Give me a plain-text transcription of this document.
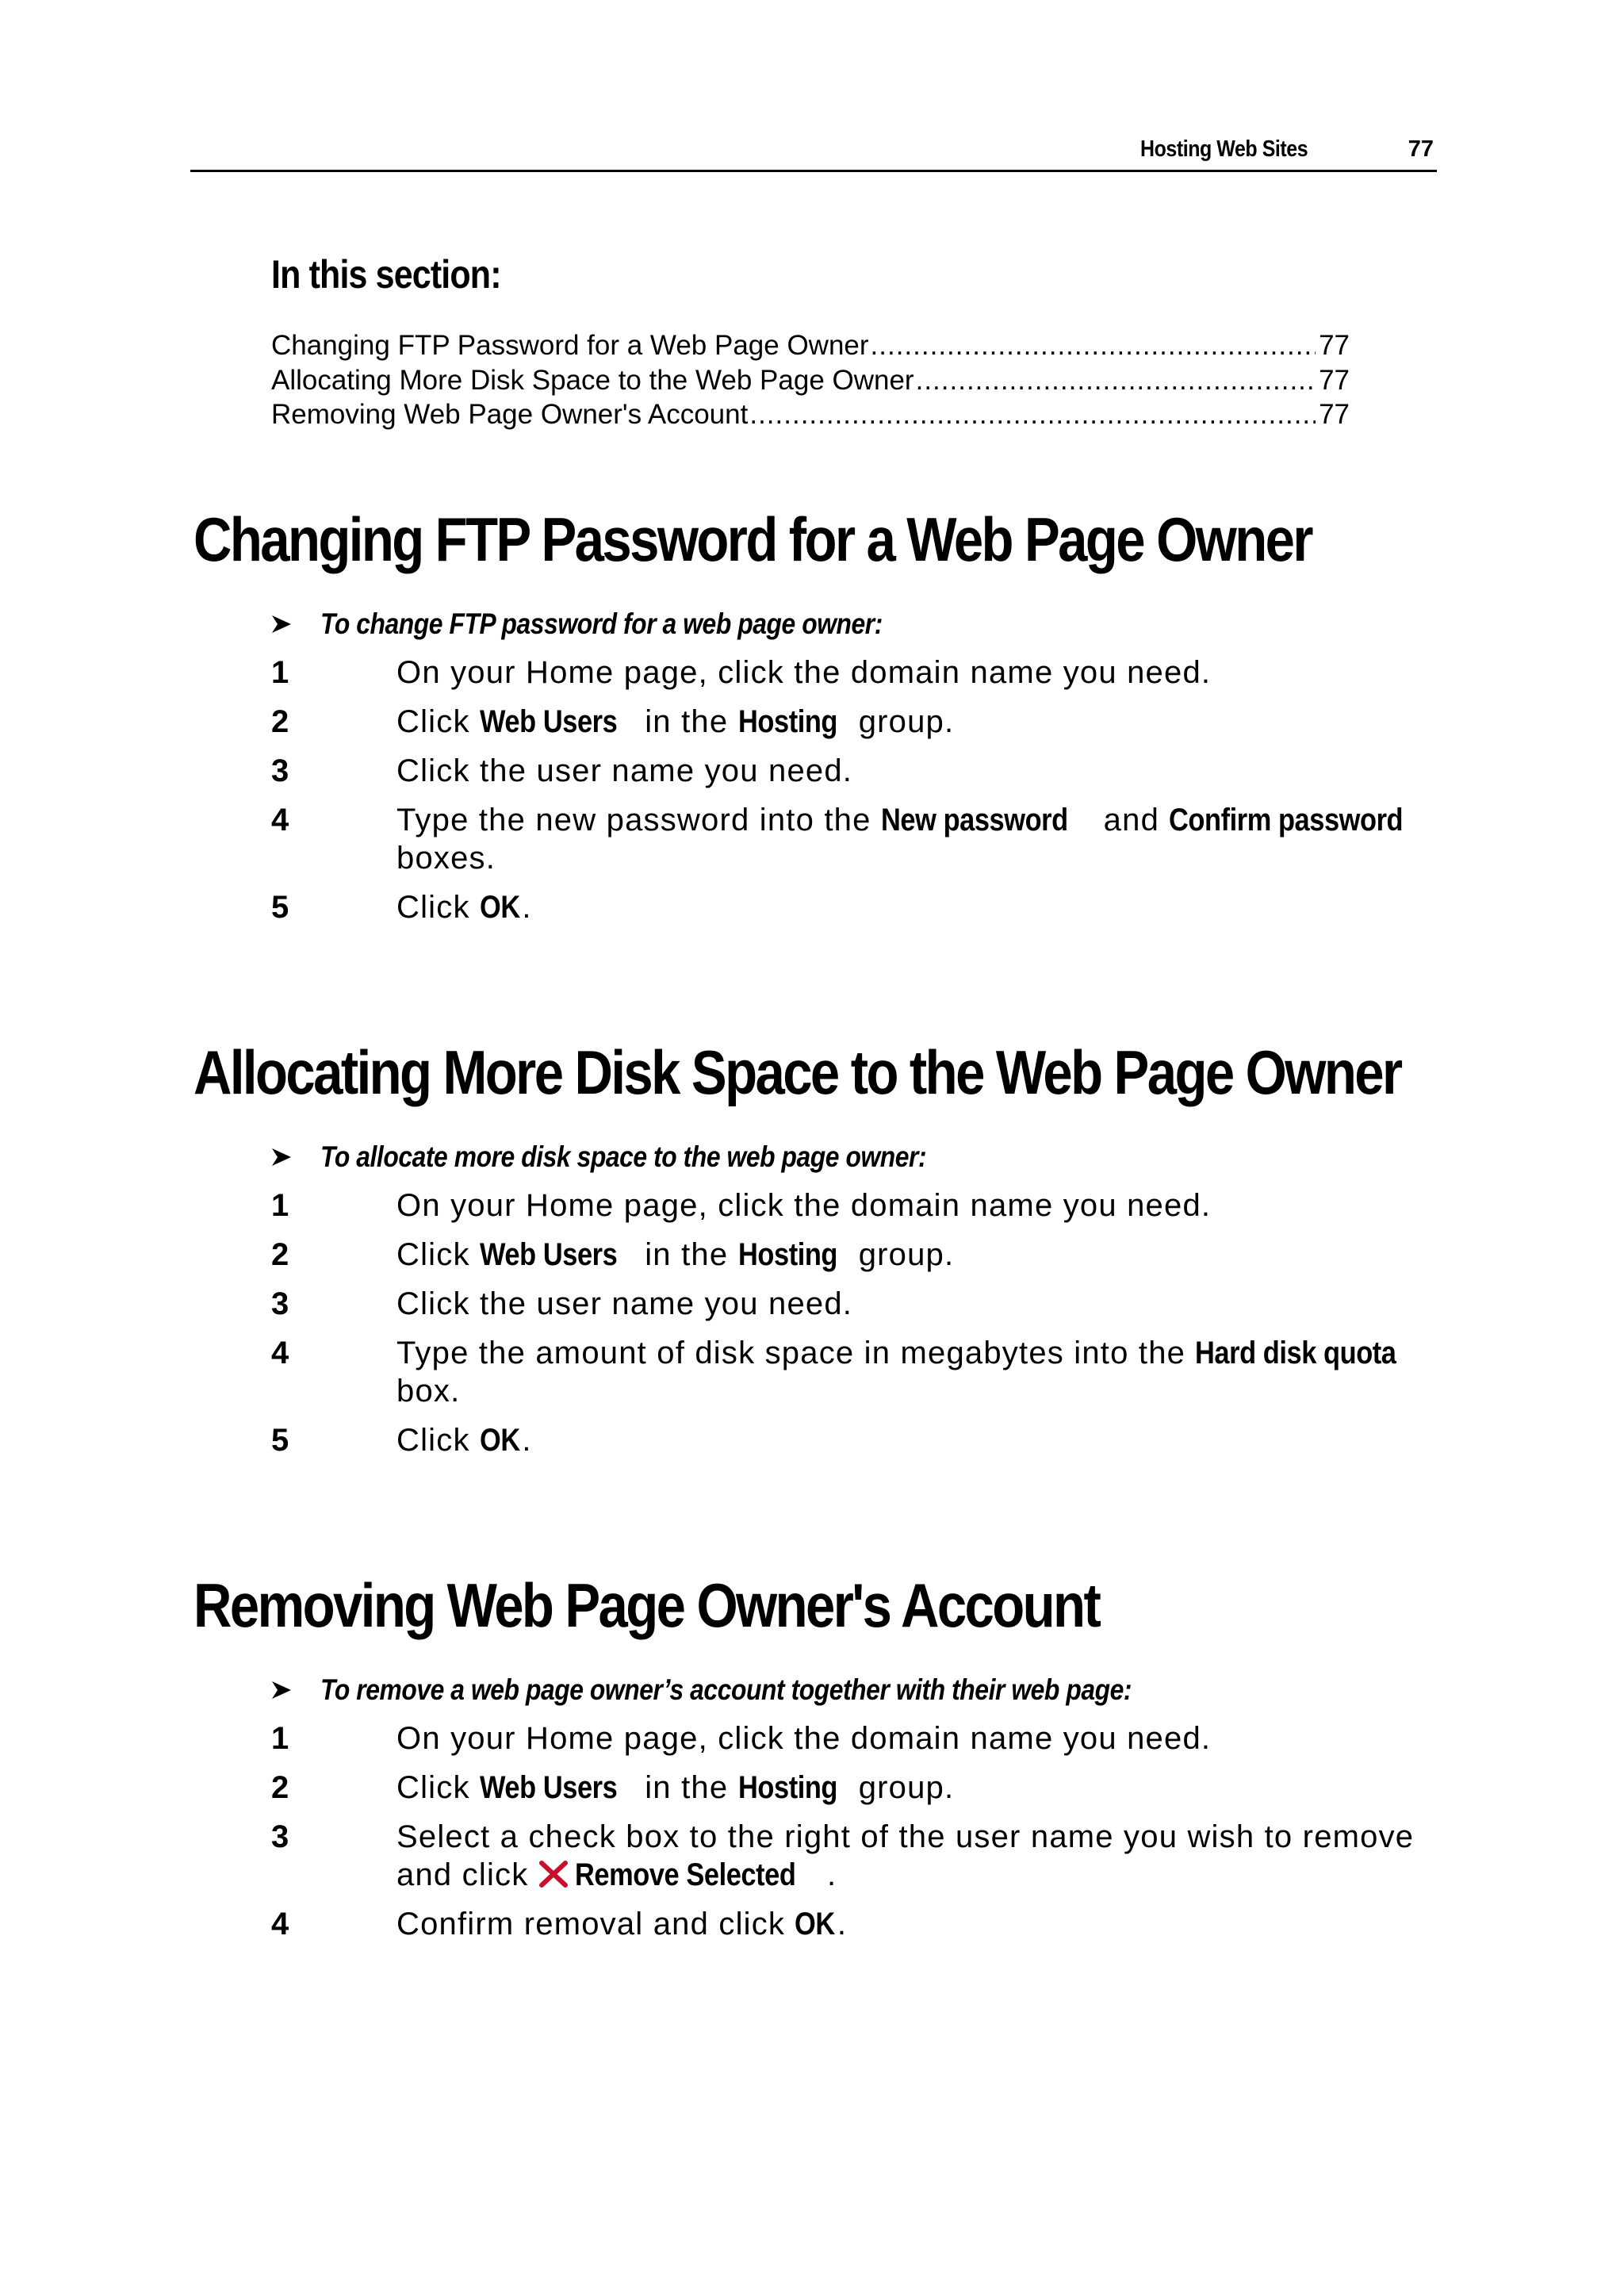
Hosting Web Sites	77
In this section:
Changing FTP Password for a Web Page Owner .....	77
Allocating More Disk Space to the Web Page Owner .....	77
Removing Web Page Owner's Account .....	77
Changing FTP Password for a Web Page Owner
To change FTP password for a web page owner:
1	On your Home page, click the domain name you need.
2	Click Web Users in the Hosting group.
3	Click the user name you need.
4	Type the new password into the New password and Confirm password
boxes.
5	Click OK.
Allocating More Disk Space to the Web Page Owner
To allocate more disk space to the web page owner:
1	On your Home page, click the domain name you need.
2	Click Web Users in the Hosting group.
3	Click the user name you need.
4	Type the amount of disk space in megabytes into the Hard disk quota
box.
5	Click OK.
Removing Web Page Owner's Account
To remove a web page owner’s account together with their web page:
1	On your Home page, click the domain name you need.
2	Click Web Users in the Hosting group.
3	Select a check box to the right of the user name you wish to remove
and click Remove Selected .
4	Confirm removal and click OK.
